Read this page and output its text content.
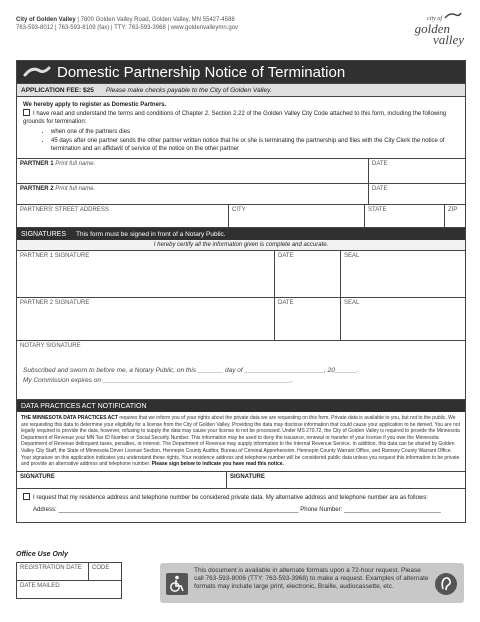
City of Golden Valley | 7800 Golden Valley Road, Golden Valley, MN 55427-4588
763-593-8012 | 763-593-8109 (fax) | TTY: 763-593-3968 | www.goldenvalleymn.gov
city of
golden
valley
Domestic Partnership Notice of Termination
APPLICATION FEE: $25 Please make checks payable to the City of Golden Valley.
We hereby apply to register as Domestic Partners.
I have read and understand the terms and conditions of Chapter 2, Section 2.22 of the Golden Valley City Code attached to this form, including the following grounds for termination:
• when one of the partners dies
• 45 days after one partner sends the other partner written notice that he or she is terminating the partnership and files with the City Clerk the notice of termination and an affidavit of service of the notice on the other partner
PARTNER 1 Print full name.	DATE
PARTNER 2 Print full name.	DATE
PARTNERS' STREET ADDRESS	CITY	STATE	ZIP
SIGNATURES This form must be signed in front of a Notary Public.
I hereby certify all the information given is complete and accurate.
PARTNER 1 SIGNATURE	DATE	SEAL
PARTNER 2 SIGNATURE	DATE	SEAL
NOTARY SIGNATURE
Subscribed and sworn to before me, a Notary Public, on this _______ day of ______________________, 20______.
My Commission expires on ____________________________________________________.
DATA PRACTICES ACT NOTIFICATION
THE MINNESOTA DATA PRACTICES ACT requires that we inform you of your rights about the private data we are requesting on this form. Private data is available to you, but not to the public. We are requesting this data to determine your eligibility for a license from the City of Golden Valley. Providing the data may disclose information that could cause your application to be denied. You are not legally required to provide the data, however, refusing to supply the data may cause your license to not be processed. Under MS 270.72, the City of Golden Valley is required to provide the Minnesota Department of Revenue your MN Tax ID Number or Social Security Number. This information may be used to deny the issuance, renewal or transfer of your license if you owe the Minnesota Department of Revenue delinquent taxes, penalties, or interest. The Department of Revenue may supply information to the Internal Revenue Service. In addition, this data can be shared by Golden Valley City Staff, the State of Minnesota Driver License Section, Hennepin County Auditor, Bureau of Criminal Apprehension, Hennepin County Warrant Office, and Ramsey County Warrant Office. Your signature on this application indicates you understand these rights. Your residence address and telephone number will be considered public data unless you request this information to be private and provide an alternative address and telephone number. Please sign below to indicate you have read this notice.
SIGNATURE	SIGNATURE
I request that my residence address and telephone number be considered private data. My alternative address and telephone number are as follows:
Address: ________________________________________________________________________ Phone Number: _____________________________
Office Use Only
REGISTRATION DATE	CODE
DATE MAILED
This document is available in alternate formats upon a 72-hour request. Please call 763-593-8006 (TTY: 763-593-3968) to make a request. Examples of alternate formats may include large print, electronic, Braille, audiocassette, etc.
